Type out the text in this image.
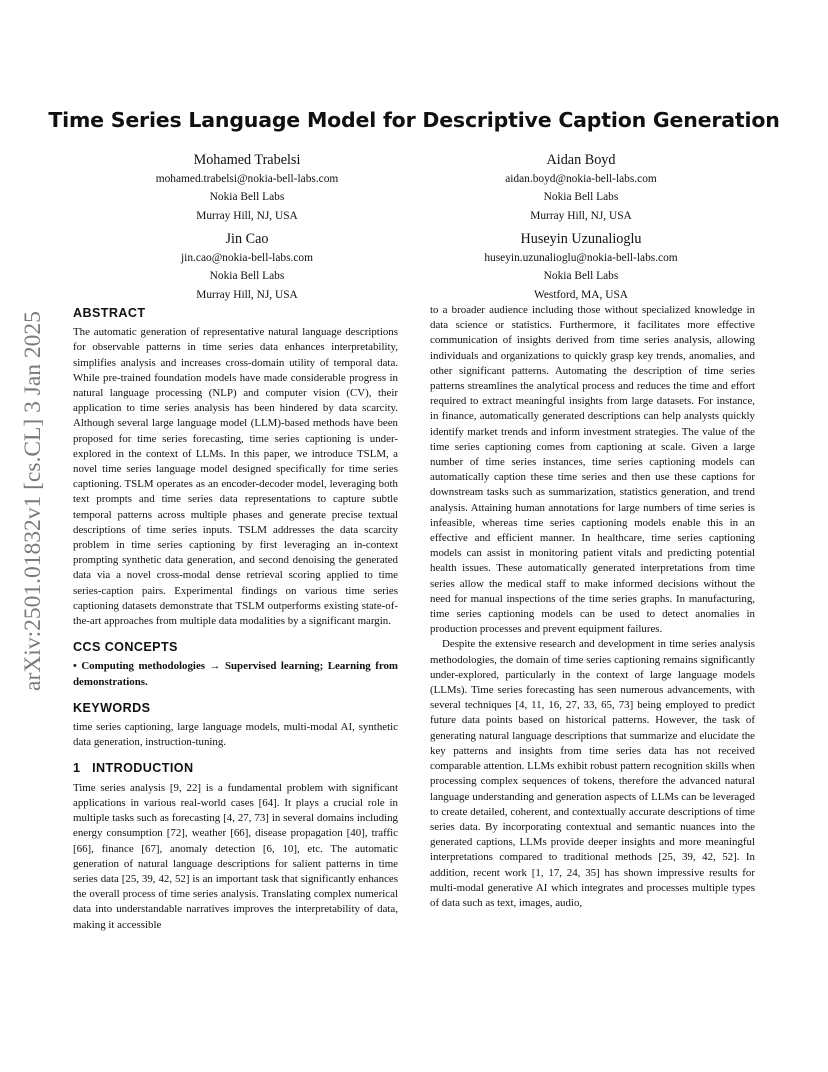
Time Series Language Model for Descriptive Caption Generation
Mohamed Trabelsi
mohamed.trabelsi@nokia-bell-labs.com
Nokia Bell Labs
Murray Hill, NJ, USA
Aidan Boyd
aidan.boyd@nokia-bell-labs.com
Nokia Bell Labs
Murray Hill, NJ, USA
Jin Cao
jin.cao@nokia-bell-labs.com
Nokia Bell Labs
Murray Hill, NJ, USA
Huseyin Uzunalioglu
huseyin.uzunalioglu@nokia-bell-labs.com
Nokia Bell Labs
Westford, MA, USA
arXiv:2501.01832v1 [cs.CL] 3 Jan 2025 ABSTRACT

The automatic generation of representative natural language descriptions for observable patterns in time series data enhances interpretability, simplifies analysis and increases cross-domain utility of temporal data. While pre-trained foundation models have made considerable progress in natural language processing (NLP) and computer vision (CV), their application to time series analysis has been hindered by data scarcity. Although several large language model (LLM)-based methods have been proposed for time series forecasting, time series captioning is under-explored in the context of LLMs. In this paper, we introduce TSLM, a novel time series language model designed specifically for time series captioning. TSLM operates as an encoder-decoder model, leveraging both text prompts and time series data representations to capture subtle temporal patterns across multiple phases and generate precise textual descriptions of time series inputs. TSLM addresses the data scarcity problem in time series captioning by first leveraging an in-context prompting synthetic data generation, and second denoising the generated data via a novel cross-modal dense retrieval scoring applied to time series-caption pairs. Experimental findings on various time series captioning datasets demonstrate that TSLM outperforms existing state-of-the-art approaches from multiple data modalities by a significant margin.

CCS CONCEPTS

• Computing methodologies → Supervised learning; Learning from demonstrations.

KEYWORDS

time series captioning, large language models, multi-modal AI, synthetic data generation, instruction-tuning.

1   INTRODUCTION

Time series analysis [9, 22] is a fundamental problem with significant applications in various real-world cases [64]. It plays a crucial role in multiple tasks such as forecasting [4, 27, 73] in several domains including energy consumption [72], weather [66], disease propagation [40], traffic [66], finance [67], anomaly detection [6, 10], etc. The automatic generation of natural language descriptions for salient patterns in time series data [25, 39, 42, 52] is an important task that significantly enhances the overall process of time series analysis. Translating complex numerical data into understandable narratives improves the interpretability of data, making it accessible

to a broader audience including those without specialized knowledge in data science or statistics. Furthermore, it facilitates more effective communication of insights derived from time series analysis, allowing individuals and organizations to quickly grasp key trends, anomalies, and other significant patterns. Automating the description of time series patterns streamlines the analytical process and reduces the time and effort required to extract meaningful insights from large datasets. For instance, in finance, automatically generated descriptions can help analysts quickly identify market trends and inform investment strategies. The value of the time series captioning comes from captioning at scale. Given a large number of time series instances, time series captioning models can automatically caption these time series and then use these captions for downstream tasks such as summarization, statistics generation, and trend analysis. Attaining human annotations for large numbers of time series is infeasible, whereas time series captioning models enable this in an effective and efficient manner. In healthcare, time series captioning models can assist in monitoring patient vitals and predicting potential health issues. These automatically generated interpretations from time series allow the medical staff to make informed decisions without the need for manual inspections of the time series graphs. In manufacturing, time series captioning models can be used to detect anomalies in production processes and prevent equipment failures.

Despite the extensive research and development in time series analysis methodologies, the domain of time series captioning remains significantly under-explored, particularly in the context of large language models (LLMs). Time series forecasting has seen numerous advancements, with several techniques [4, 11, 16, 27, 33, 65, 73] being employed to predict future data points based on historical patterns. However, the task of generating natural language descriptions that summarize and elucidate the key patterns and insights from time series data has not received comparable attention. LLMs exhibit robust pattern recognition skills when processing complex sequences of tokens, therefore the advanced natural language understanding and generation aspects of LLMs can be leveraged to create detailed, coherent, and contextually accurate descriptions of time series data. By incorporating contextual and semantic nuances into the generated captions, LLMs provide deeper insights and more meaningful interpretations compared to traditional methods [25, 39, 42, 52]. In addition, recent work [1, 17, 24, 35] has shown impressive results for multi-modal generative AI which integrates and processes multiple types of data such as text, images, audio,
